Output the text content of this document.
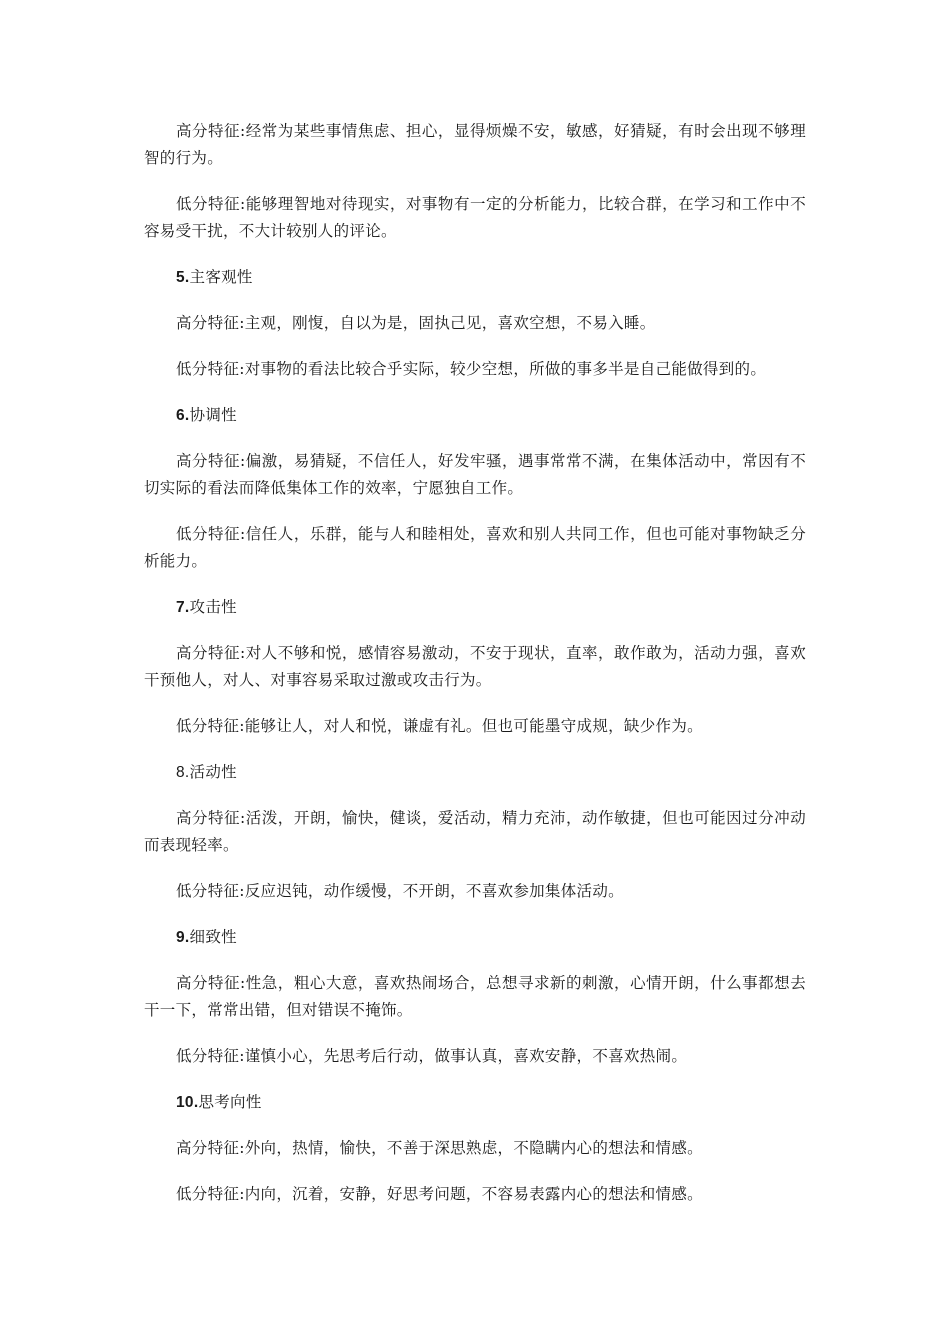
高分特征:经常为某些事情焦虑、担心，显得烦燥不安，敏感，好猜疑，有时会出现不够理智的行为。

低分特征:能够理智地对待现实，对事物有一定的分析能力，比较合群，在学习和工作中不容易受干扰，不大计较别人的评论。

5.主客观性

高分特征:主观，刚愎，自以为是，固执己见，喜欢空想，不易入睡。

低分特征:对事物的看法比较合乎实际，较少空想，所做的事多半是自己能做得到的。

6.协调性

高分特征:偏激，易猜疑，不信任人，好发牢骚，遇事常常不满，在集体活动中，常因有不切实际的看法而降低集体工作的效率，宁愿独自工作。

低分特征:信任人，乐群，能与人和睦相处，喜欢和别人共同工作，但也可能对事物缺乏分析能力。

7.攻击性

高分特征:对人不够和悦，感情容易激动，不安于现状，直率，敢作敢为，活动力强，喜欢干预他人，对人、对事容易采取过激或攻击行为。

低分特征:能够让人，对人和悦，谦虚有礼。但也可能墨守成规，缺少作为。

8.活动性

高分特征:活泼，开朗，愉快，健谈，爱活动，精力充沛，动作敏捷，但也可能因过分冲动而表现轻率。

低分特征:反应迟钝，动作缓慢，不开朗，不喜欢参加集体活动。

9.细致性

高分特征:性急，粗心大意，喜欢热闹场合，总想寻求新的刺激，心情开朗，什么事都想去干一下，常常出错，但对错误不掩饰。

低分特征:谨慎小心，先思考后行动，做事认真，喜欢安静，不喜欢热闹。

10.思考向性

高分特征:外向，热情，愉快，不善于深思熟虑，不隐瞒内心的想法和情感。

低分特征:内向，沉着，安静，好思考问题，不容易表露内心的想法和情感。
